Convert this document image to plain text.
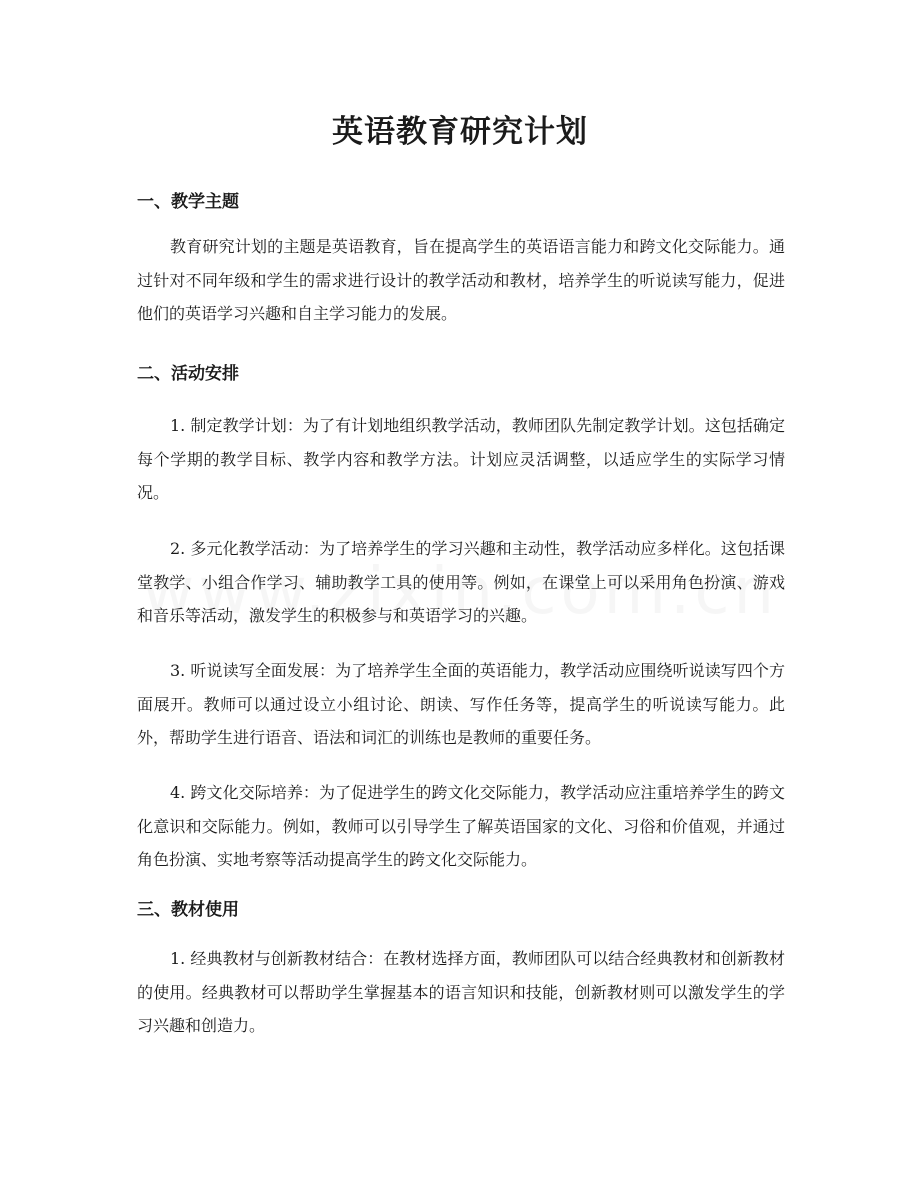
英语教育研究计划
一、教学主题

教育研究计划的主题是英语教育，旨在提高学生的英语语言能力和跨文化交际能力。通过针对不同年级和学生的需求进行设计的教学活动和教材，培养学生的听说读写能力，促进他们的英语学习兴趣和自主学习能力的发展。

二、活动安排

1. 制定教学计划：为了有计划地组织教学活动，教师团队先制定教学计划。这包括确定每个学期的教学目标、教学内容和教学方法。计划应灵活调整，以适应学生的实际学习情况。

2. 多元化教学活动：为了培养学生的学习兴趣和主动性，教学活动应多样化。这包括课堂教学、小组合作学习、辅助教学工具的使用等。例如，在课堂上可以采用角色扮演、游戏和音乐等活动，激发学生的积极参与和英语学习的兴趣。

3. 听说读写全面发展：为了培养学生全面的英语能力，教学活动应围绕听说读写四个方面展开。教师可以通过设立小组讨论、朗读、写作任务等，提高学生的听说读写能力。此外，帮助学生进行语音、语法和词汇的训练也是教师的重要任务。

4. 跨文化交际培养：为了促进学生的跨文化交际能力，教学活动应注重培养学生的跨文化意识和交际能力。例如，教师可以引导学生了解英语国家的文化、习俗和价值观，并通过角色扮演、实地考察等活动提高学生的跨文化交际能力。

三、教材使用

1. 经典教材与创新教材结合：在教材选择方面，教师团队可以结合经典教材和创新教材的使用。经典教材可以帮助学生掌握基本的语言知识和技能，创新教材则可以激发学生的学习兴趣和创造力。
